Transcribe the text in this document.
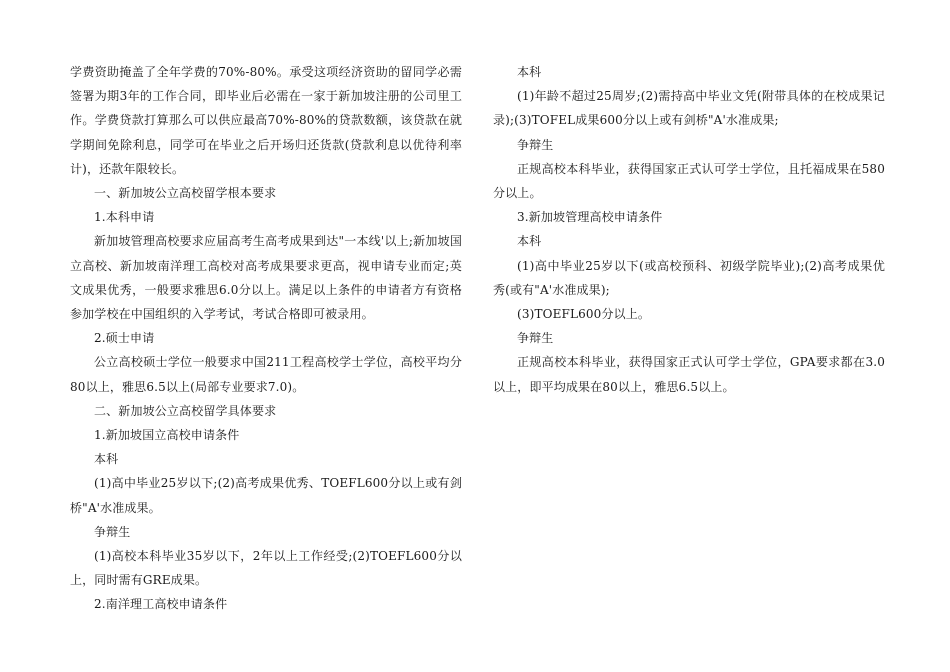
学费资助掩盖了全年学费的70%-80%。承受这项经济资助的留同学必需签署为期3年的工作合同，即毕业后必需在一家于新加坡注册的公司里工作。学费贷款打算那么可以供应最高70%-80%的贷款数额，该贷款在就学期间免除利息，同学可在毕业之后开场归还货款(贷款利息以优待利率计)，还款年限较长。

一、新加坡公立高校留学根本要求

1.本科申请

新加坡管理高校要求应届高考生高考成果到达"一本线'以上;新加坡国立高校、新加坡南洋理工高校对高考成果要求更高，视申请专业而定;英文成果优秀，一般要求雅思6.0分以上。满足以上条件的申请者方有资格参加学校在中国组织的入学考试，考试合格即可被录用。

2.硕士申请

公立高校硕士学位一般要求中国211工程高校学士学位，高校平均分80以上，雅思6.5以上(局部专业要求7.0)。

二、新加坡公立高校留学具体要求

1.新加坡国立高校申请条件

本科

(1)高中毕业25岁以下;(2)高考成果优秀、TOEFL600分以上或有剑桥"A'水准成果。

争辩生

(1)高校本科毕业35岁以下，2年以上工作经受;(2)TOEFL600分以上，同时需有GRE成果。

2.南洋理工高校申请条件

本科

(1)年龄不超过25周岁;(2)需持高中毕业文凭(附带具体的在校成果记录);(3)TOFEL成果600分以上或有剑桥"A'水准成果;

争辩生

正规高校本科毕业，获得国家正式认可学士学位，且托福成果在580分以上。

3.新加坡管理高校申请条件

本科

(1)高中毕业25岁以下(或高校预科、初级学院毕业);(2)高考成果优秀(或有"A'水准成果);

(3)TOEFL600分以上。

争辩生

正规高校本科毕业，获得国家正式认可学士学位，GPA要求都在3.0以上，即平均成果在80以上，雅思6.5以上。
